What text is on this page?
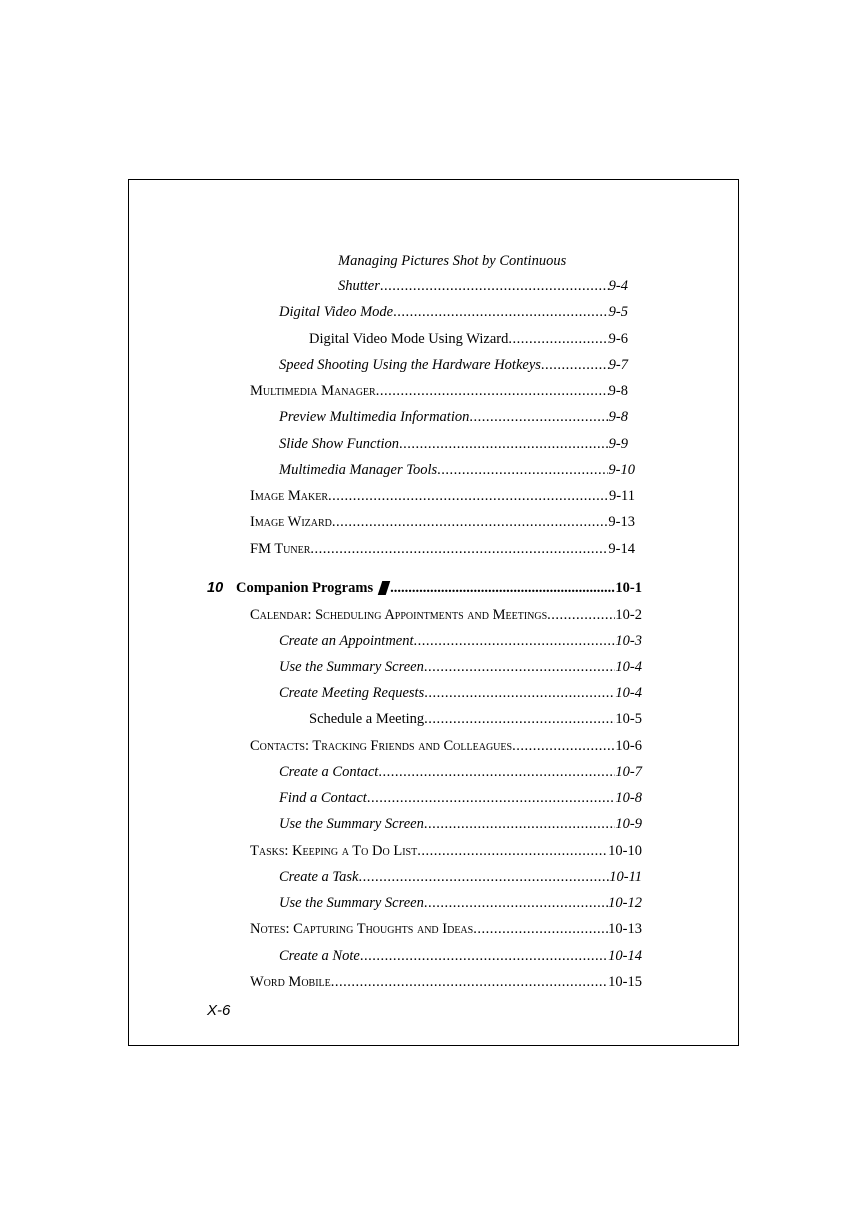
Managing Pictures Shot by Continuous
Shutter .....	9-4
Digital Video Mode .....	9-5
Digital Video Mode Using Wizard .....	9-6
Speed Shooting Using the Hardware Hotkeys .....	9-7
Multimedia Manager .....	9-8
Preview Multimedia Information .....	9-8
Slide Show Function .....	9-9
Multimedia Manager Tools .....	9-10
Image Maker .....	9-11
Image Wizard .....	9-13
FM Tuner .....	9-14
10 Companion Programs .....	10-1
Calendar: Scheduling Appointments and Meetings .....	10-2
Create an Appointment .....	10-3
Use the Summary Screen .....	10-4
Create Meeting Requests .....	10-4
Schedule a Meeting .....	10-5
Contacts: Tracking Friends and Colleagues .....	10-6
Create a Contact .....	10-7
Find a Contact .....	10-8
Use the Summary Screen .....	10-9
Tasks: Keeping a To Do List .....	10-10
Create a Task .....	10-11
Use the Summary Screen .....	10-12
Notes: Capturing Thoughts and Ideas .....	10-13
Create a Note .....	10-14
Word Mobile .....	10-15
X-6
